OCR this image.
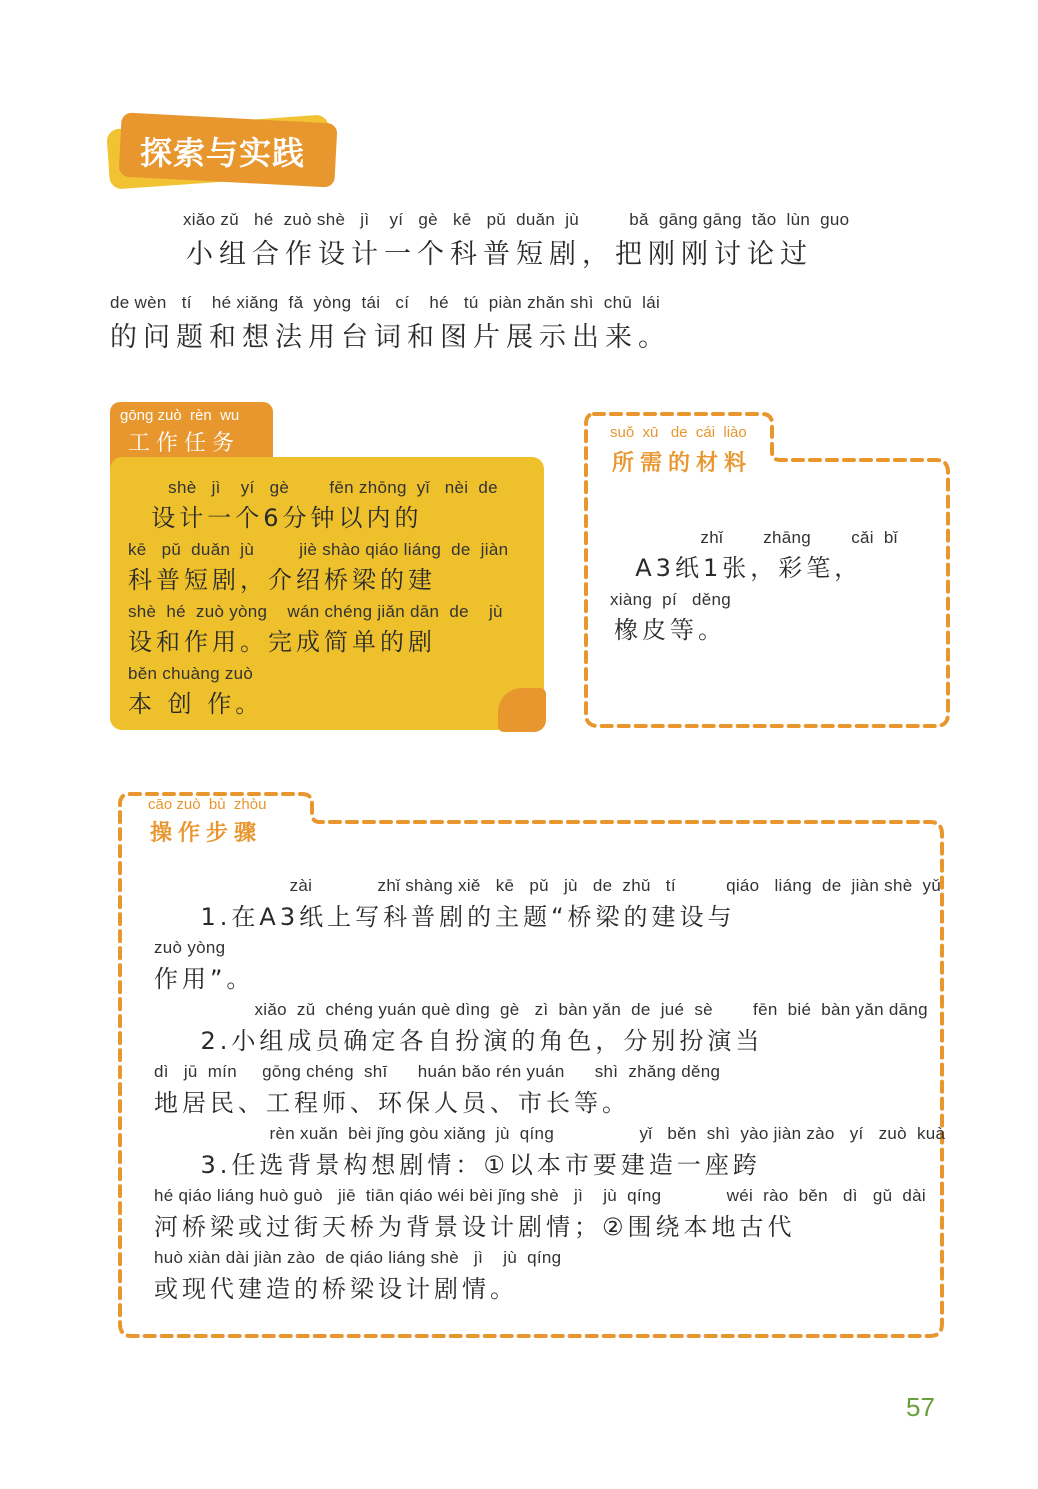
探索与实践
xiǎo zǔ   hé  zuò shè   jì    yí   gè   kē   pǔ  duǎn  jù          bǎ  gāng gāng  tǎo  lùn  guo
小组合作设计一个科普短剧，把刚刚讨论过
de wèn   tí    hé xiǎng  fǎ  yòng  tái   cí    hé   tú  piàn zhǎn shì  chū  lái
的问题和想法用台词和图片展示出来。
gōng zuò  rèn  wu
工作任务
shè   jì    yí   gè        fēn zhōng  yǐ   nèi  de
设计一个6分钟以内的
kē   pǔ  duǎn  jù         jiè shào qiáo liáng  de  jiàn
科普短剧，介绍桥梁的建
shè  hé  zuò yòng    wán chéng jiǎn dān  de    jù
设和作用。完成简单的剧
běn chuàng zuò
本 创 作。
suǒ  xū   de  cái  liào
所需的材料
zhǐ        zhāng        cǎi  bǐ
A3纸1张，彩笔，
xiàng  pí   děng
橡皮等。
cāo zuò  bù  zhòu
操作步骤
zài             zhǐ shàng xiě   kē   pǔ   jù   de  zhǔ   tí          qiáo   liáng  de  jiàn shè  yǔ
1.在A3纸上写科普剧的主题“桥梁的建设与
zuò yòng
作用”。
xiǎo  zǔ  chéng yuán què dìng  gè   zì  bàn yǎn  de  jué  sè        fēn  bié  bàn yǎn dāng
2.小组成员确定各自扮演的角色，分别扮演当
dì   jū  mín     gōng chéng  shī      huán bǎo rén yuán      shì  zhǎng děng
地居民、工程师、环保人员、市长等。
rèn xuǎn  bèi jǐng gòu xiǎng  jù  qíng                 yǐ   běn  shì  yào jiàn zào   yí   zuò  kuà
3.任选背景构想剧情：①以本市要建造一座跨
hé qiáo liáng huò guò   jiē  tiān qiáo wéi bèi jǐng shè   jì    jù  qíng             wéi  rào  běn   dì   gǔ  dài
河桥梁或过街天桥为背景设计剧情；②围绕本地古代
huò xiàn dài jiàn zào  de qiáo liáng shè   jì    jù  qíng
或现代建造的桥梁设计剧情。
57
